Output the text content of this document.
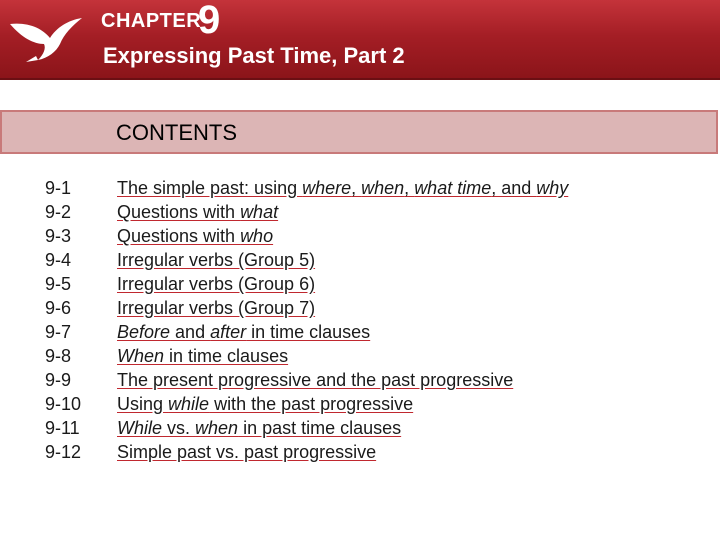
CHAPTER
9
Expressing Past Time, Part 2
CONTENTS
9-1	The simple past: using where, when, what time, and why
9-2	Questions with what
9-3	Questions with who
9-4	Irregular verbs (Group 5)
9-5	Irregular verbs (Group 6)
9-6	Irregular verbs (Group 7)
9-7	Before and after in time clauses
9-8	When in time clauses
9-9	The present progressive and the past progressive
9-10 Using while with the past progressive
9-11 While vs. when in past time clauses
9-12 Simple past vs. past progressive
